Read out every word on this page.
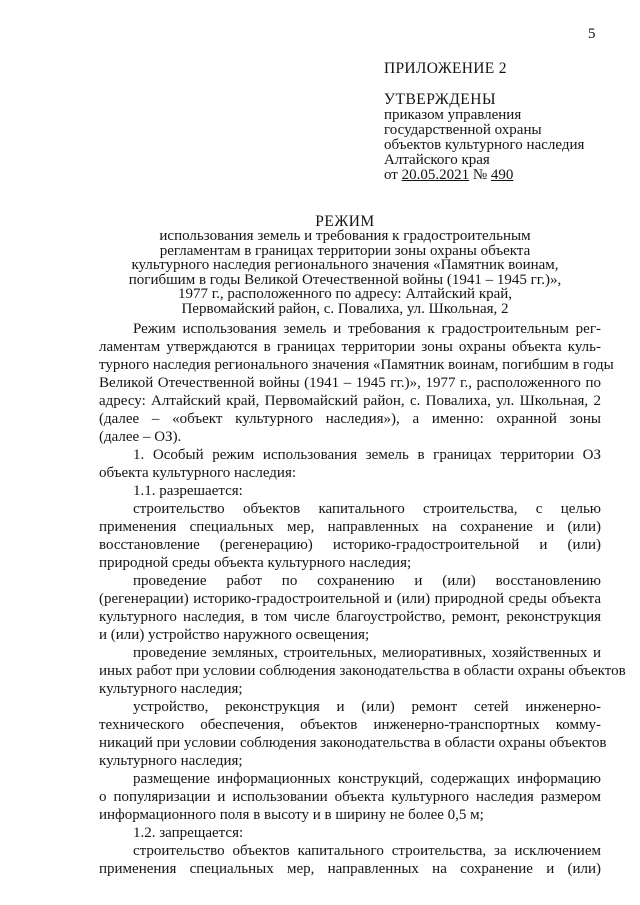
5
ПРИЛОЖЕНИЕ 2
УТВЕРЖДЕНЫ
приказом управления
государственной охраны
объектов культурного наследия
Алтайского края
от 20.05.2021 № 490
РЕЖИМ
использования земель и требования к градостроительным
регламентам в границах территории зоны охраны объекта
культурного наследия регионального значения «Памятник воинам,
погибшим в годы Великой Отечественной войны (1941 – 1945 гг.)»,
1977 г., расположенного по адресу: Алтайский край,
Первомайский район, с. Повалиха, ул. Школьная, 2
Режим использования земель и требования к градостроительным рег-
ламентам утверждаются в границах территории зоны охраны объекта куль-
турного наследия регионального значения «Памятник воинам, погибшим в годы
Великой Отечественной войны (1941 – 1945 гг.)», 1977 г., расположенного по
адресу: Алтайский край, Первомайский район, с. Повалиха, ул. Школьная, 2
(далее – «объект культурного наследия»), а именно: охранной зоны
(далее – ОЗ).
1. Особый режим использования земель в границах территории ОЗ
объекта культурного наследия:
1.1. разрешается:
строительство объектов капитального строительства, с целью
применения специальных мер, направленных на сохранение и (или)
восстановление (регенерацию) историко-градостроительной и (или)
природной среды объекта культурного наследия;
проведение работ по сохранению и (или) восстановлению
(регенерации) историко-градостроительной и (или) природной среды объекта
культурного наследия, в том числе благоустройство, ремонт, реконструкция
и (или) устройство наружного освещения;
проведение земляных, строительных, мелиоративных, хозяйственных и
иных работ при условии соблюдения законодательства в области охраны объектов
культурного наследия;
устройство, реконструкция и (или) ремонт сетей инженерно-
технического обеспечения, объектов инженерно-транспортных комму-
никаций при условии соблюдения законодательства в области охраны объектов
культурного наследия;
размещение информационных конструкций, содержащих информацию
о популяризации и использовании объекта культурного наследия размером
информационного поля в высоту и в ширину не более 0,5 м;
1.2. запрещается:
строительство объектов капитального строительства, за исключением
применения специальных мер, направленных на сохранение и (или)
